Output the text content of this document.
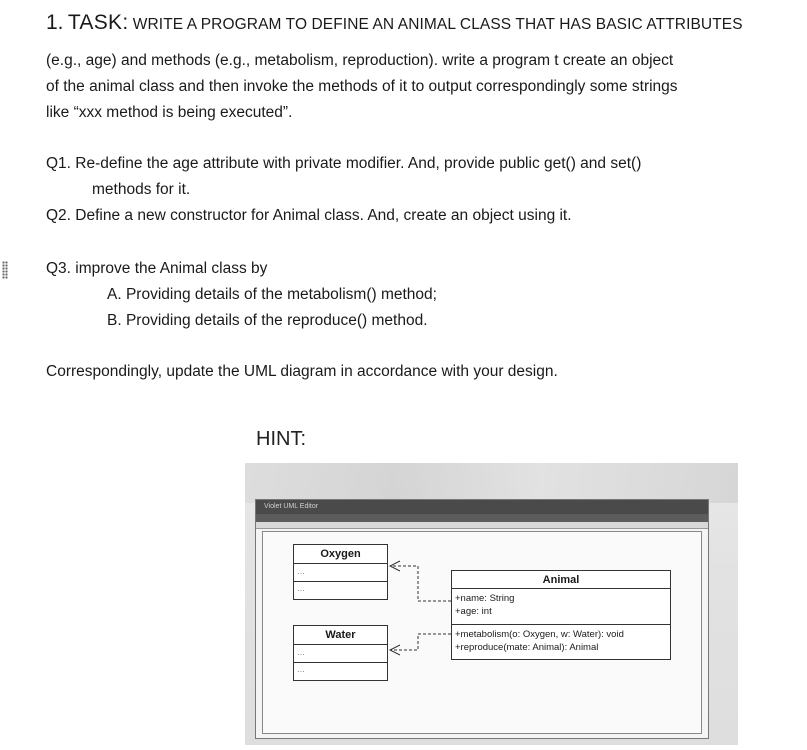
1. TASK: WRITE A PROGRAM TO DEFINE AN ANIMAL CLASS THAT HAS BASIC ATTRIBUTES
(e.g., age) and methods (e.g., metabolism, reproduction). write a program t create an object
of the animal class and then invoke the methods of it to output correspondingly some strings
like “xxx method is being executed”.
Q1. Re-define the age attribute with private modifier. And, provide public get() and set()
methods for it.
Q2. Define a new constructor for Animal class. And, create an object using it.
Q3. improve the Animal class by
A. Providing details of the metabolism() method;
B. Providing details of the reproduce() method.
Correspondingly, update the UML diagram in accordance with your design.
HINT:
Violet UML Editor
Oxygen
...
...
Water
...
...
Animal
+name: String
+age: int
+metabolism(o: Oxygen, w: Water): void
+reproduce(mate: Animal): Animal
